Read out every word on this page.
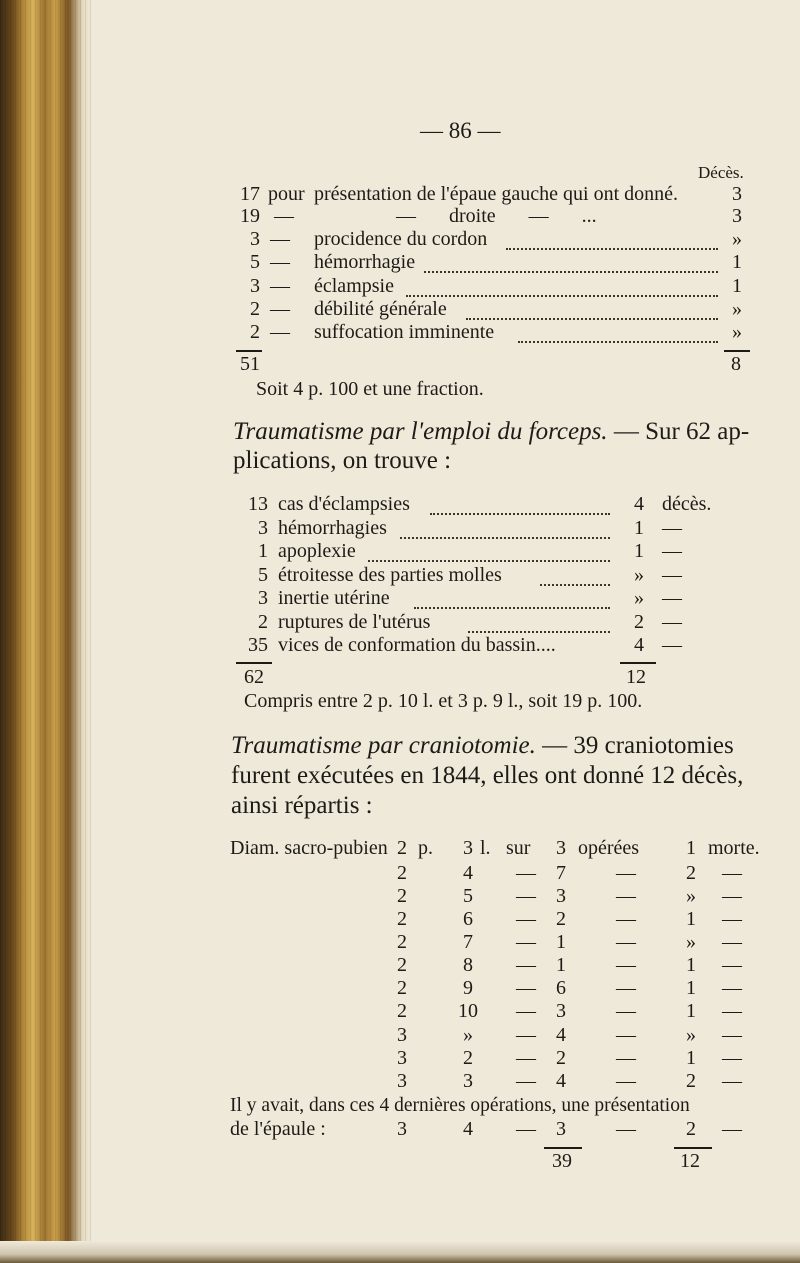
— 86 —
Décès.
17 pour présentation de l'épaue gauche qui ont donné.	3
19 —	— droite — ...	3
3 — procidence du cordon	»
5 — hémorrhagie	1
3 — éclampsie	1
2 — débilité générale	»
2 — suffocation imminente	»
51	8
Soit 4 p. 100 et une fraction.
Traumatisme par l'emploi du forceps. — Sur 62 ap-
plications, on trouve :
13 cas d'éclampsies	4 décès.
3 hémorrhagies	1 —
1 apoplexie	1 —
5 étroitesse des parties molles	» —
3 inertie utérine	» —
2 ruptures de l'utérus	2 —
35 vices de conformation du bassin....	4 —
62	12
Compris entre 2 p. 10 l. et 3 p. 9 l., soit 19 p. 100.
Traumatisme par craniotomie. — 39 craniotomies
furent exécutées en 1844, elles ont donné 12 décès,
ainsi répartis :
Diam. sacro-pubien 2 p.	3 l. sur 3 opérées 1 morte.
2	4	— 7	—	2 —
2	5	— 3	—	» —
2	6	— 2	—	1 —
2	7	— 1	—	» —
2	8	— 1	—	1 —
2	9	— 6	—	1 —
2	10 — 3	—	1 —
3	»	— 4	—	» —
3	2	— 2	—	1 —
3	3	— 4	—	2 —
Il y avait, dans ces 4 dernières opérations, une présentation
de l'épaule :	3	4	— 3	—	2 —
39	12
